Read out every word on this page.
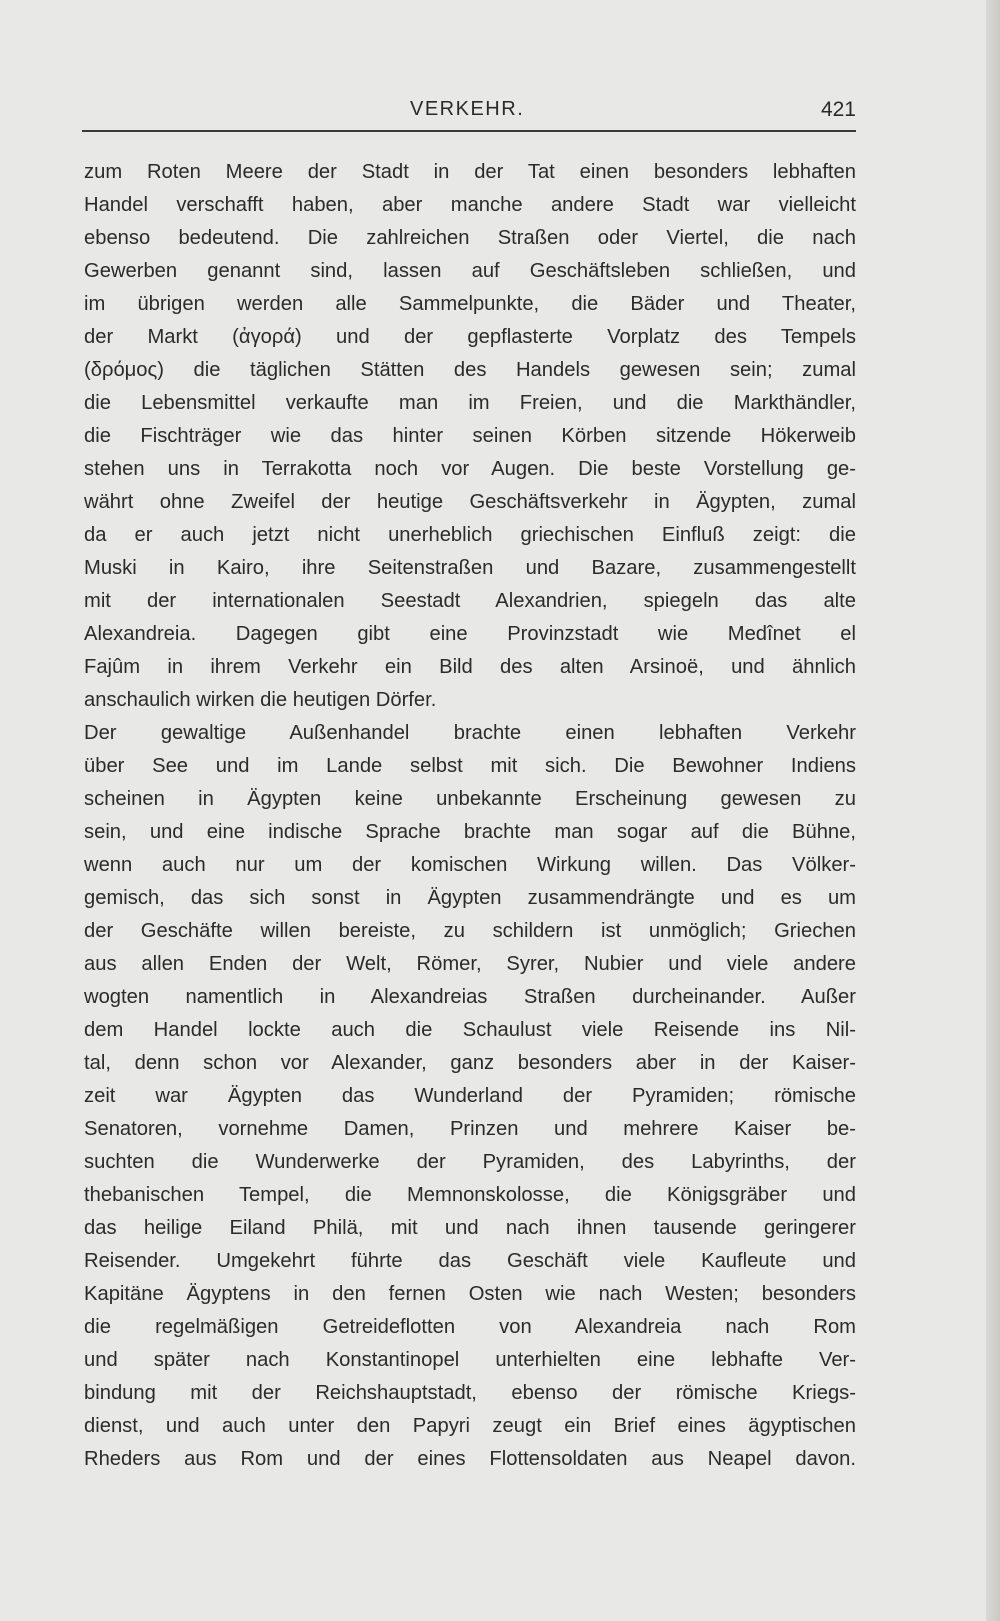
VERKEHR.	421
zum Roten Meere der Stadt in der Tat einen besonders lebhaften
Handel verschafft haben, aber manche andere Stadt war vielleicht
ebenso bedeutend. Die zahlreichen Straßen oder Viertel, die nach
Gewerben genannt sind, lassen auf Geschäftsleben schließen, und
im übrigen werden alle Sammelpunkte, die Bäder und Theater,
der Markt (ἀγορά) und der gepflasterte Vorplatz des Tempels
(δρόμος) die täglichen Stätten des Handels gewesen sein; zumal
die Lebensmittel verkaufte man im Freien, und die Markthändler,
die Fischträger wie das hinter seinen Körben sitzende Hökerweib
stehen uns in Terrakotta noch vor Augen. Die beste Vorstellung ge-
währt ohne Zweifel der heutige Geschäftsverkehr in Ägypten, zumal
da er auch jetzt nicht unerheblich griechischen Einfluß zeigt: die
Muski in Kairo, ihre Seitenstraßen und Bazare, zusammengestellt
mit der internationalen Seestadt Alexandrien, spiegeln das alte
Alexandreia. Dagegen gibt eine Provinzstadt wie Medînet el
Fajûm in ihrem Verkehr ein Bild des alten Arsinoë, und ähnlich
anschaulich wirken die heutigen Dörfer.
Der gewaltige Außenhandel brachte einen lebhaften Verkehr
über See und im Lande selbst mit sich. Die Bewohner Indiens
scheinen in Ägypten keine unbekannte Erscheinung gewesen zu
sein, und eine indische Sprache brachte man sogar auf die Bühne,
wenn auch nur um der komischen Wirkung willen. Das Völker-
gemisch, das sich sonst in Ägypten zusammendrängte und es um
der Geschäfte willen bereiste, zu schildern ist unmöglich; Griechen
aus allen Enden der Welt, Römer, Syrer, Nubier und viele andere
wogten namentlich in Alexandreias Straßen durcheinander. Außer
dem Handel lockte auch die Schaulust viele Reisende ins Nil-
tal, denn schon vor Alexander, ganz besonders aber in der Kaiser-
zeit war Ägypten das Wunderland der Pyramiden; römische
Senatoren, vornehme Damen, Prinzen und mehrere Kaiser be-
suchten die Wunderwerke der Pyramiden, des Labyrinths, der
thebanischen Tempel, die Memnonskolosse, die Königsgräber und
das heilige Eiland Philä, mit und nach ihnen tausende geringerer
Reisender. Umgekehrt führte das Geschäft viele Kaufleute und
Kapitäne Ägyptens in den fernen Osten wie nach Westen; besonders
die regelmäßigen Getreideflotten von Alexandreia nach Rom
und später nach Konstantinopel unterhielten eine lebhafte Ver-
bindung mit der Reichshauptstadt, ebenso der römische Kriegs-
dienst, und auch unter den Papyri zeugt ein Brief eines ägyptischen
Rheders aus Rom und der eines Flottensoldaten aus Neapel davon.
